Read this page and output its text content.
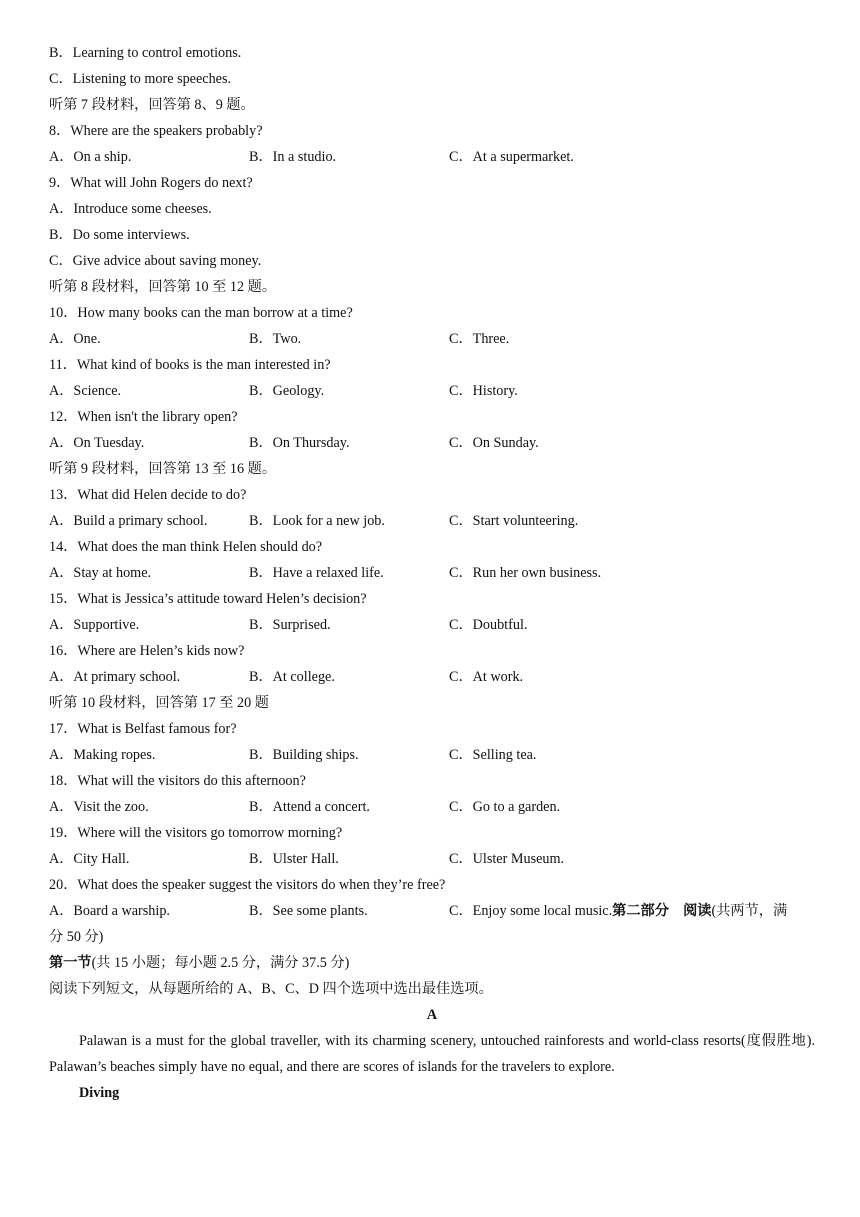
B．Learning to control emotions.
C．Listening to more speeches.
听第 7 段材料，回答第 8、9 题。
8．Where are the speakers probably?
A．On a ship.	B．In a studio.	C．At a supermarket.
9．What will John Rogers do next?
A．Introduce some cheeses.
B．Do some interviews.
C．Give advice about saving money.
听第 8 段材料，回答第 10 至 12 题。
10．How many books can the man borrow at a time?
A．One.	B．Two.	C．Three.
11．What kind of books is the man interested in?
A．Science.	B．Geology.	C．History.
12．When isn't the library open?
A．On Tuesday.	B．On Thursday.	C．On Sunday.
听第 9 段材料，回答第 13 至 16 题。
13．What did Helen decide to do?
A．Build a primary school.	B．Look for a new job.	C．Start volunteering.
14．What does the man think Helen should do?
A．Stay at home.	B．Have a relaxed life.	C．Run her own business.
15．What is Jessica’s attitude toward Helen’s decision?
A．Supportive.	B．Surprised.	C．Doubtful.
16．Where are Helen’s kids now?
A．At primary school.	B．At college.	C．At work.
听第 10 段材料，回答第 17 至 20 题
17．What is Belfast famous for?
A．Making ropes.	B．Building ships.	C．Selling tea.
18．What will the visitors do this afternoon?
A．Visit the zoo.	B．Attend a concert.	C．Go to a garden.
19．Where will the visitors go tomorrow morning?
A．City Hall.	B．Ulster Hall.	C．Ulster Museum.
20．What does the speaker suggest the visitors do when they’re free?
A．Board a warship.	B．See some plants.	C．Enjoy some local music.第二部分　阅读(共两节，满
分 50 分)
第一节(共 15 小题；每小题 2.5 分，满分 37.5 分)
阅读下列短文，从每题所给的 A、B、C、D 四个选项中选出最佳选项。
A
Palawan is a must for the global traveller, with its charming scenery, untouched rainforests and world-class resorts(度假胜地). Palawan’s beaches simply have no equal, and there are scores of islands for the travelers to explore.
Diving
